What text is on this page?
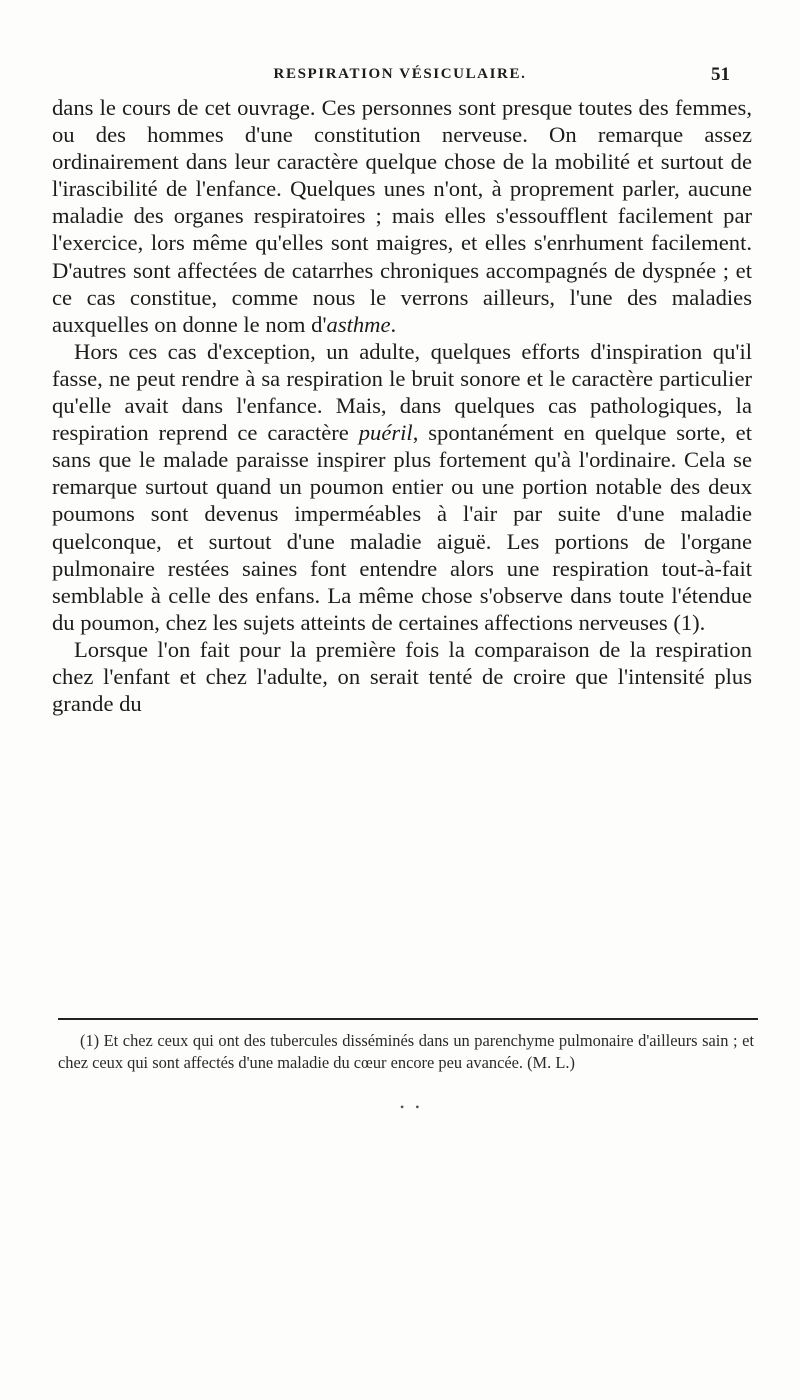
RESPIRATION VÉSICULAIRE.	51

dans le cours de cet ouvrage. Ces personnes sont presque toutes des femmes, ou des hommes d'une constitution nerveuse. On remarque assez ordinairement dans leur caractère quelque chose de la mobilité et surtout de l'irascibilité de l'enfance. Quelques unes n'ont, à proprement parler, aucune maladie des organes respiratoires ; mais elles s'essoufflent facilement par l'exercice, lors même qu'elles sont maigres, et elles s'enrhument facilement. D'autres sont affectées de catarrhes chroniques accompagnés de dyspnée ; et ce cas constitue, comme nous le verrons ailleurs, l'une des maladies auxquelles on donne le nom d'asthme.

Hors ces cas d'exception, un adulte, quelques efforts d'inspiration qu'il fasse, ne peut rendre à sa respiration le bruit sonore et le caractère particulier qu'elle avait dans l'enfance. Mais, dans quelques cas pathologiques, la respiration reprend ce caractère puéril, spontanément en quelque sorte, et sans que le malade paraisse inspirer plus fortement qu'à l'ordinaire. Cela se remarque surtout quand un poumon entier ou une portion notable des deux poumons sont devenus imperméables à l'air par suite d'une maladie quelconque, et surtout d'une maladie aiguë. Les portions de l'organe pulmonaire restées saines font entendre alors une respiration tout-à-fait semblable à celle des enfans. La même chose s'observe dans toute l'étendue du poumon, chez les sujets atteints de certaines affections nerveuses (1).

Lorsque l'on fait pour la première fois la comparaison de la respiration chez l'enfant et chez l'adulte, on serait tenté de croire que l'intensité plus grande du

(1) Et chez ceux qui ont des tubercules disséminés dans un parenchyme pulmonaire d'ailleurs sain ; et chez ceux qui sont affectés d'une maladie du cœur encore peu avancée. (M. L.)
• •
